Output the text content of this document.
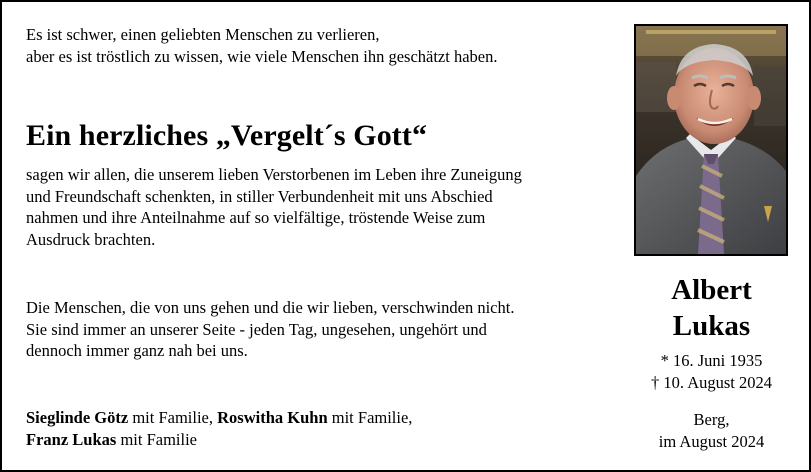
Es ist schwer, einen geliebten Menschen zu verlieren,
aber es ist tröstlich zu wissen, wie viele Menschen ihn geschätzt haben.
Ein herzliches „Vergelt´s Gott“
sagen wir allen, die unserem lieben Verstorbenen im Leben ihre Zuneigung
und Freundschaft schenkten, in stiller Verbundenheit mit uns Abschied
nahmen und ihre Anteilnahme auf so vielfältige, tröstende Weise zum
Ausdruck brachten.
Die Menschen, die von uns gehen und die wir lieben, verschwinden nicht.
Sie sind immer an unserer Seite - jeden Tag, ungesehen, ungehört und
dennoch immer ganz nah bei uns.
Sieglinde Götz mit Familie, Roswitha Kuhn mit Familie,
Franz Lukas mit Familie
Albert
Lukas
* 16. Juni 1935
† 10. August 2024
Berg,
im August 2024
